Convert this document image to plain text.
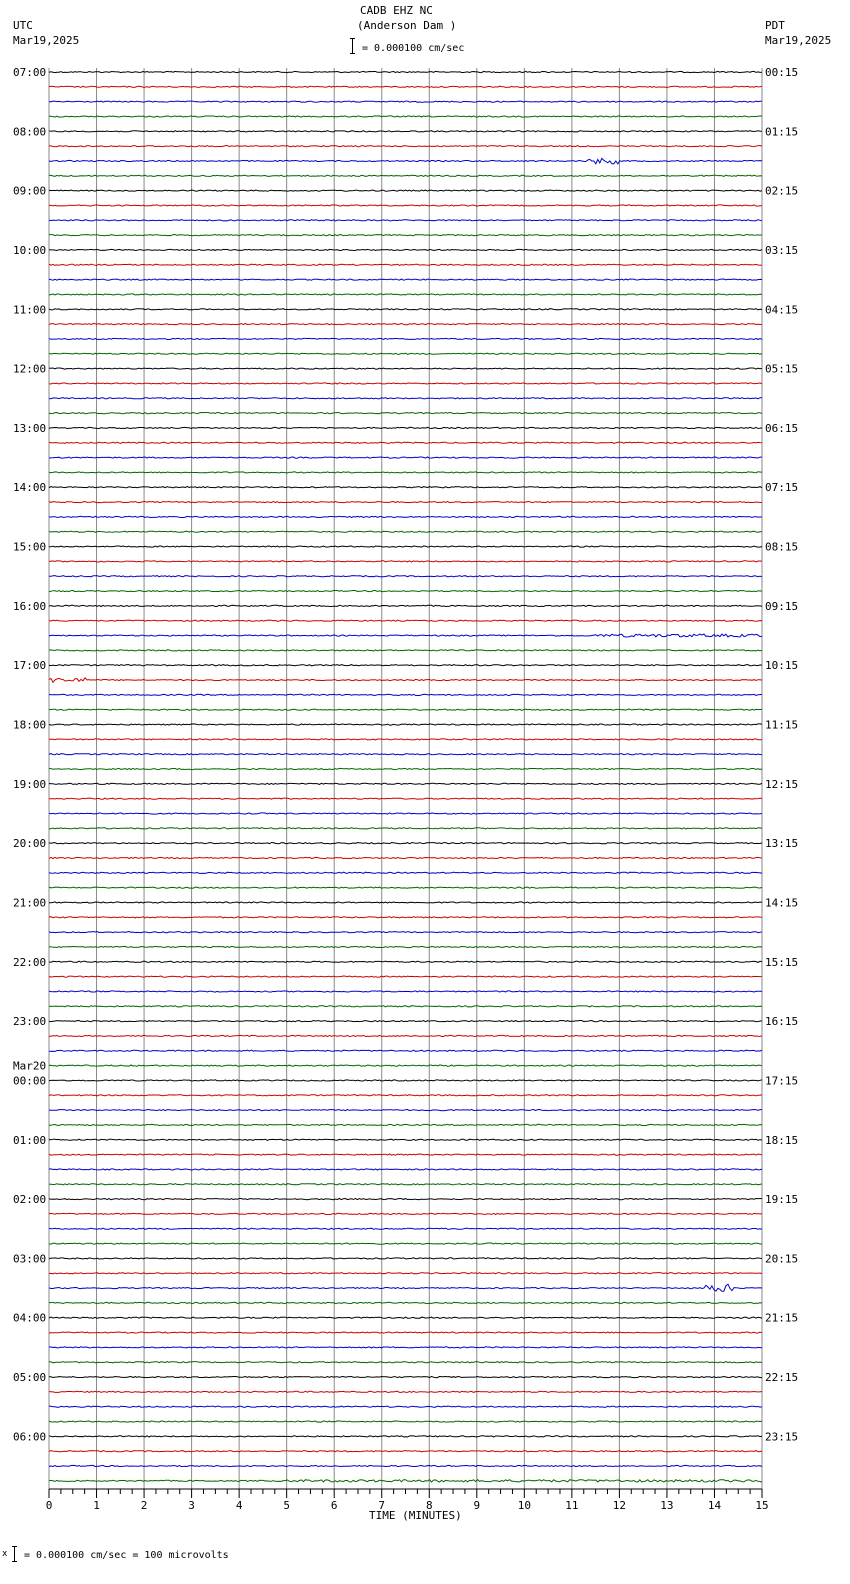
07:00
08:00
09:00
10:00
11:00
12:00
13:00
14:00
15:00
16:00
17:00
18:00
19:00
20:00
21:00
22:00
23:00
00:00
Mar20
01:00
02:00
03:00
04:00
05:00
06:00
00:15
01:15
02:15
03:15
04:15
05:15
06:15
07:15
08:15
09:15
10:15
11:15
12:15
13:15
14:15
15:15
16:15
17:15
18:15
19:15
20:15
21:15
22:15
23:15
0	1	2	3	4	5	6	7	8	9	10	11	12	13	14	15
CADB EHZ NC
(Anderson Dam )
= 0.000100 cm/sec
UTC
Mar19,2025
PDT
Mar19,2025
TIME (MINUTES)
x = 0.000100 cm/sec = 100 microvolts
